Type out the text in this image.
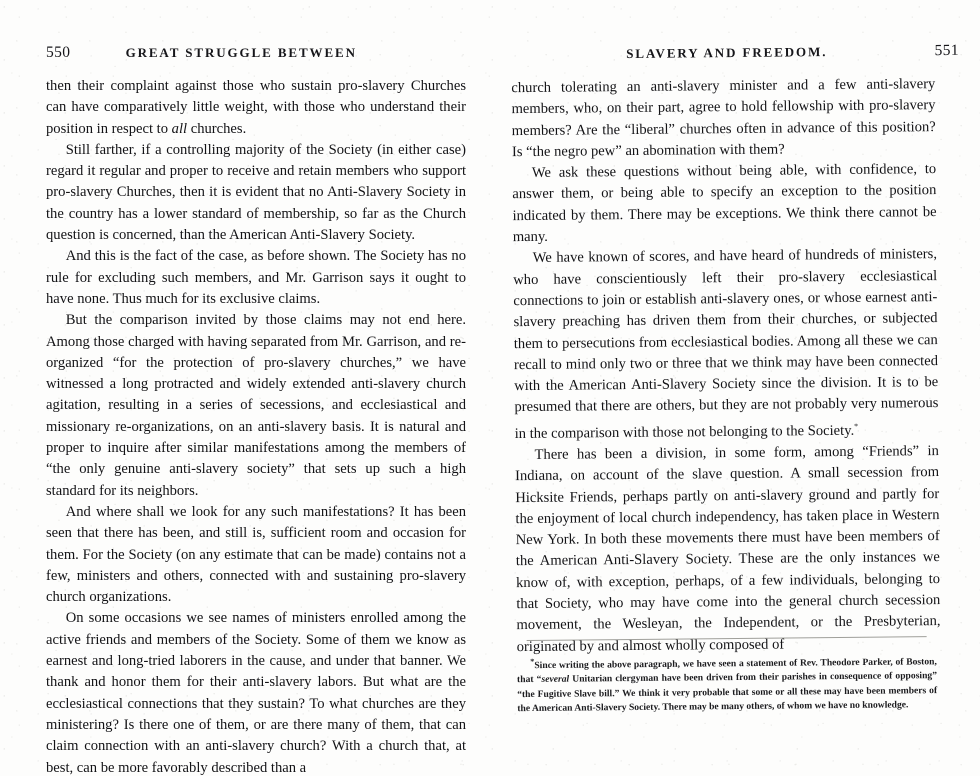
550	GREAT STRUGGLE BETWEEN

then their complaint against those who sustain pro-slavery Churches can have comparatively little weight, with those who understand their position in respect to all churches.

Still farther, if a controlling majority of the Society (in either case) regard it regular and proper to receive and retain members who support pro-slavery Churches, then it is evident that no Anti-Slavery Society in the country has a lower standard of membership, so far as the Church question is concerned, than the American Anti-Slavery Society.

And this is the fact of the case, as before shown. The Society has no rule for excluding such members, and Mr. Garrison says it ought to have none. Thus much for its exclusive claims.

But the comparison invited by those claims may not end here. Among those charged with having separated from Mr. Garrison, and re-organized “for the protection of pro-slavery churches,” we have witnessed a long protracted and widely extended anti-slavery church agitation, resulting in a series of secessions, and ecclesiastical and missionary re-organizations, on an anti-slavery basis. It is natural and proper to inquire after similar manifestations among the members of “the only genuine anti-slavery society” that sets up such a high standard for its neighbors.

And where shall we look for any such manifestations? It has been seen that there has been, and still is, sufficient room and occasion for them. For the Society (on any estimate that can be made) contains not a few, ministers and others, connected with and sustaining pro-slavery church organizations.

On some occasions we see names of ministers enrolled among the active friends and members of the Society. Some of them we know as earnest and long-tried laborers in the cause, and under that banner. We thank and honor them for their anti-slavery labors. But what are the ecclesiastical connections that they sustain? To what churches are they ministering? Is there one of them, or are there many of them, that can claim connection with an anti-slavery church? With a church that, at best, can be more favorably described than a

SLAVERY AND FREEDOM.	551

church tolerating an anti-slavery minister and a few anti-slavery members, who, on their part, agree to hold fellowship with pro-slavery members? Are the “liberal” churches often in advance of this position? Is “the negro pew” an abomination with them?

We ask these questions without being able, with confidence, to answer them, or being able to specify an exception to the position indicated by them. There may be exceptions. We think there cannot be many.

We have known of scores, and have heard of hundreds of ministers, who have conscientiously left their pro-slavery ecclesiastical connections to join or establish anti-slavery ones, or whose earnest anti-slavery preaching has driven them from their churches, or subjected them to persecutions from ecclesiastical bodies. Among all these we can recall to mind only two or three that we think may have been connected with the American Anti-Slavery Society since the division. It is to be presumed that there are others, but they are not probably very numerous in the comparison with those not belonging to the Society.*

There has been a division, in some form, among “Friends” in Indiana, on account of the slave question. A small secession from Hicksite Friends, perhaps partly on anti-slavery ground and partly for the enjoyment of local church independency, has taken place in Western New York. In both these movements there must have been members of the American Anti-Slavery Society. These are the only instances we know of, with exception, perhaps, of a few individuals, belonging to that Society, who may have come into the general church secession movement, the Wesleyan, the Independent, or the Presbyterian, originated by and almost wholly composed of

*Since writing the above paragraph, we have seen a statement of Rev. Theodore Parker, of Boston, that “several Unitarian clergyman have been driven from their parishes in consequence of opposing” “the Fugitive Slave bill.” We think it very probable that some or all these may have been members of the American Anti-Slavery Society. There may be many others, of whom we have no knowledge.
